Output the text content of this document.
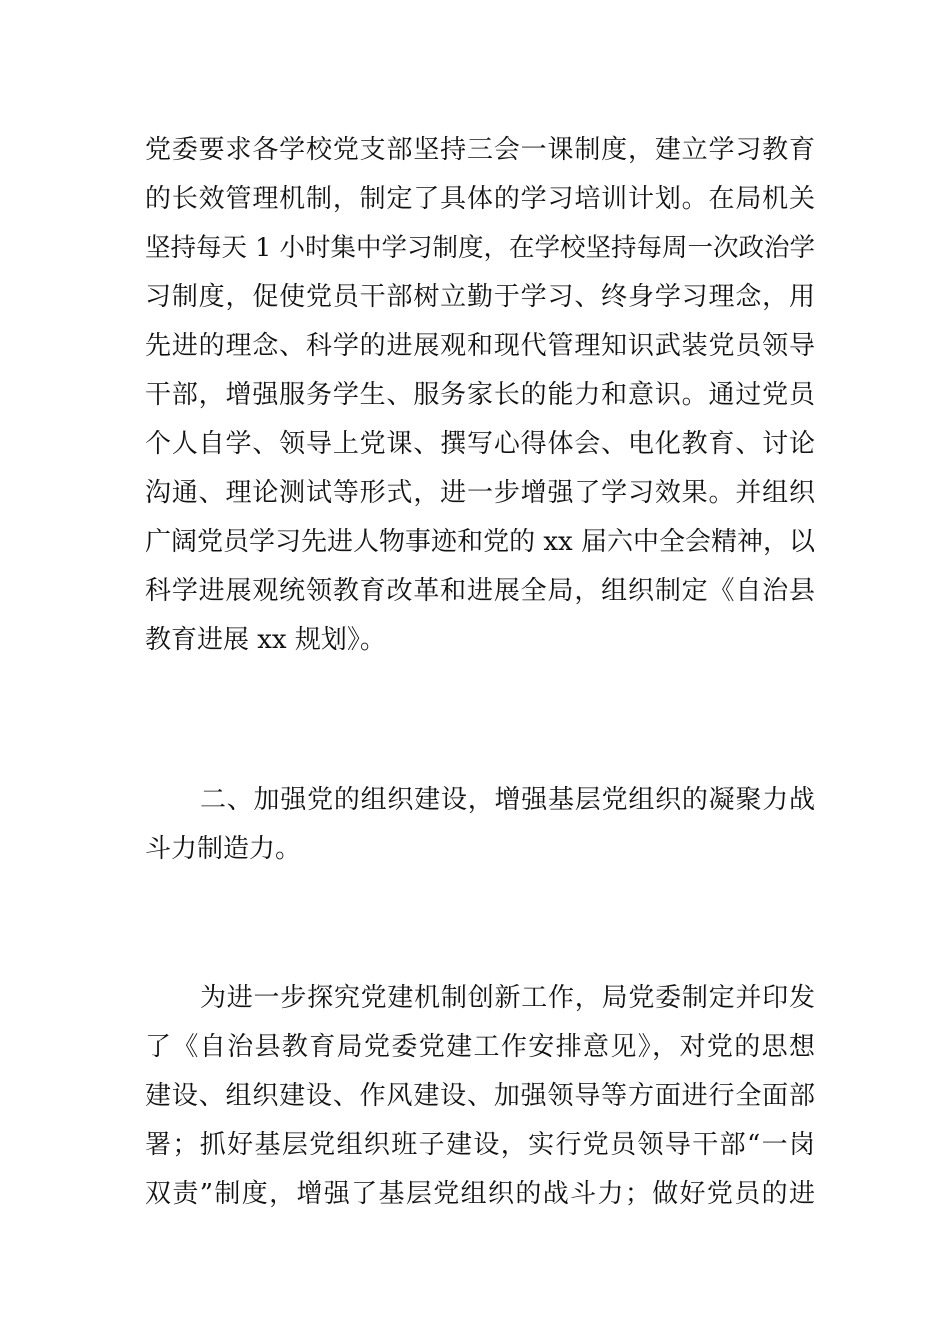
党委要求各学校党支部坚持三会一课制度，建立学习教育
的长效管理机制，制定了具体的学习培训计划。在局机关
坚持每天 1 小时集中学习制度，在学校坚持每周一次政治学
习制度，促使党员干部树立勤于学习、终身学习理念，用
先进的理念、科学的进展观和现代管理知识武装党员领导
干部，增强服务学生、服务家长的能力和意识。通过党员
个人自学、领导上党课、撰写心得体会、电化教育、讨论
沟通、理论测试等形式，进一步增强了学习效果。并组织
广阔党员学习先进人物事迹和党的 xx 届六中全会精神，以
科学进展观统领教育改革和进展全局，组织制定《自治县
教育进展 xx 规划》。
二、加强党的组织建设，增强基层党组织的凝聚力战
斗力制造力。
为进一步探究党建机制创新工作，局党委制定并印发
了《自治县教育局党委党建工作安排意见》，对党的思想
建设、组织建设、作风建设、加强领导等方面进行全面部
署；抓好基层党组织班子建设，实行党员领导干部“一岗
双责”制度，增强了基层党组织的战斗力；做好党员的进
